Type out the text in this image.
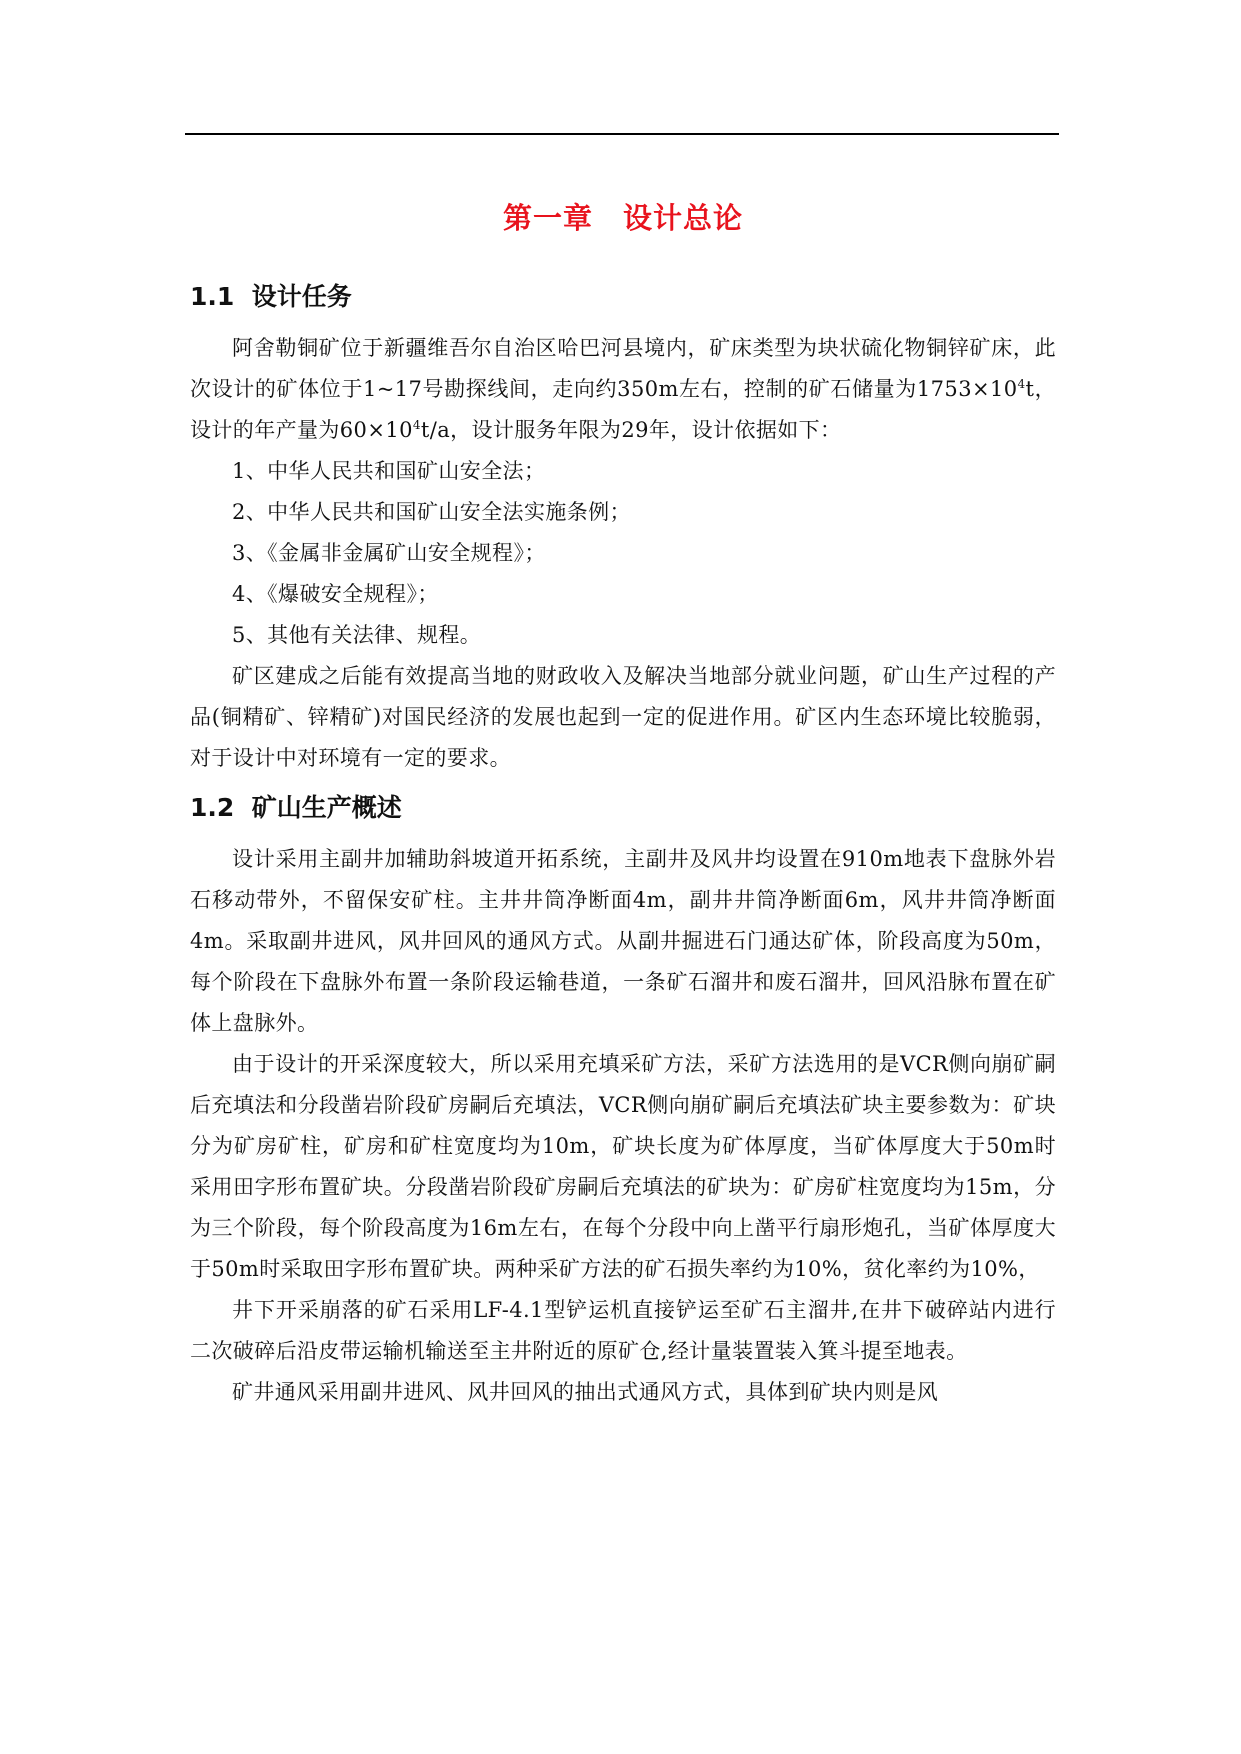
第一章　设计总论
1.1  设计任务

阿舍勒铜矿位于新疆维吾尔自治区哈巴河县境内，矿床类型为块状硫化物铜锌矿床，此次设计的矿体位于1~17号勘探线间，走向约350m左右，控制的矿石储量为$1753\times 10^4t$，设计的年产量为$60\times 10^4t/a$，设计服务年限为29年，设计依据如下：

1、中华人民共和国矿山安全法；

2、中华人民共和国矿山安全法实施条例；

3、《金属非金属矿山安全规程》；

4、《爆破安全规程》；

5、其他有关法律、规程。

矿区建成之后能有效提高当地的财政收入及解决当地部分就业问题，矿山生产过程的产品(铜精矿、锌精矿)对国民经济的发展也起到一定的促进作用。矿区内生态环境比较脆弱，对于设计中对环境有一定的要求。

1.2  矿山生产概述

设计采用主副井加辅助斜坡道开拓系统，主副井及风井均设置在910m地表下盘脉外岩石移动带外，不留保安矿柱。主井井筒净断面4m，副井井筒净断面6m，风井井筒净断面4m。采取副井进风，风井回风的通风方式。从副井掘进石门通达矿体，阶段高度为50m，每个阶段在下盘脉外布置一条阶段运输巷道，一条矿石溜井和废石溜井，回风沿脉布置在矿体上盘脉外。

由于设计的开采深度较大，所以采用充填采矿方法，采矿方法选用的是VCR侧向崩矿嗣后充填法和分段凿岩阶段矿房嗣后充填法，VCR侧向崩矿嗣后充填法矿块主要参数为：矿块分为矿房矿柱，矿房和矿柱宽度均为10m，矿块长度为矿体厚度，当矿体厚度大于50m时采用田字形布置矿块。分段凿岩阶段矿房嗣后充填法的矿块为：矿房矿柱宽度均为15m，分为三个阶段，每个阶段高度为16m左右，在每个分段中向上凿平行扇形炮孔，当矿体厚度大于50m时采取田字形布置矿块。两种采矿方法的矿石损失率约为10%，贫化率约为10%，

井下开采崩落的矿石采用LF-4.1型铲运机直接铲运至矿石主溜井,在井下破碎站内进行二次破碎后沿皮带运输机输送至主井附近的原矿仓,经计量装置装入箕斗提至地表。

矿井通风采用副井进风、风井回风的抽出式通风方式，具体到矿块内则是风
